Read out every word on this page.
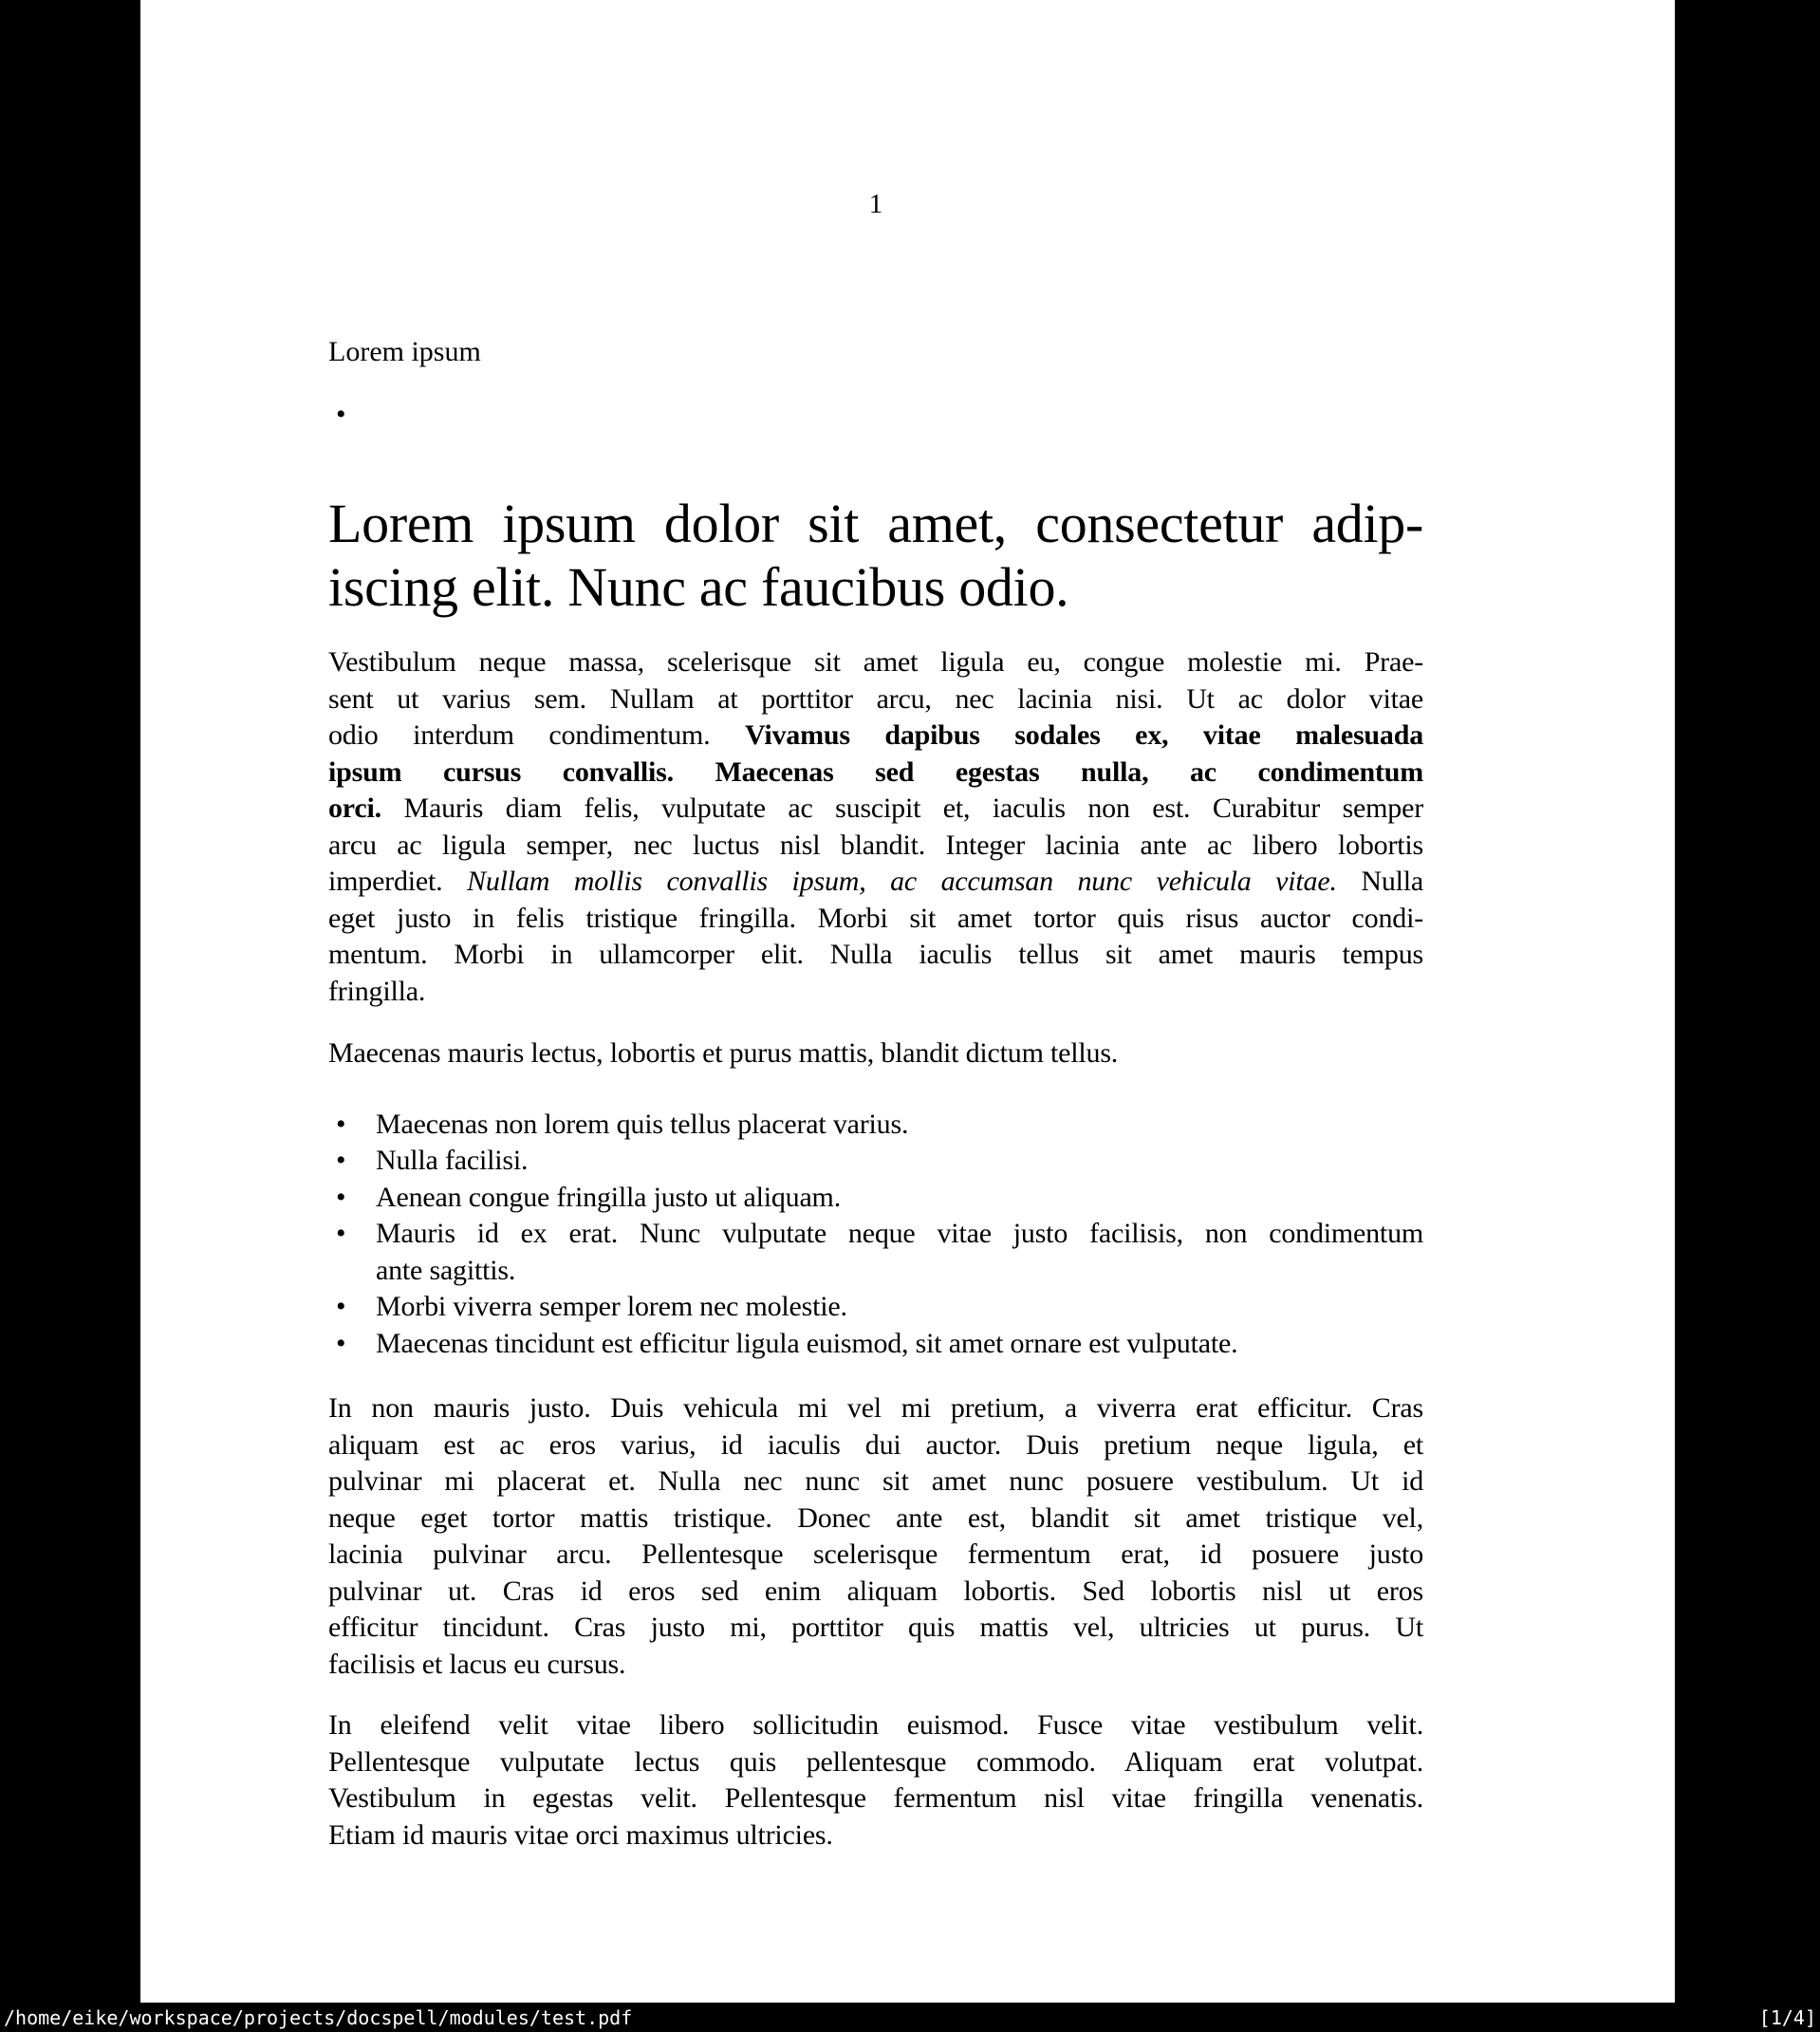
1
Lorem ipsum
•
Lorem ipsum dolor sit amet, consectetur adip-
iscing elit. Nunc ac faucibus odio.
Vestibulum neque massa, scelerisque sit amet ligula eu, congue molestie mi. Prae-
sent ut varius sem. Nullam at porttitor arcu, nec lacinia nisi. Ut ac dolor vitae
odio interdum condimentum. Vivamus dapibus sodales ex, vitae malesuada
ipsum cursus convallis. Maecenas sed egestas nulla, ac condimentum
orci. Mauris diam felis, vulputate ac suscipit et, iaculis non est. Curabitur semper
arcu ac ligula semper, nec luctus nisl blandit. Integer lacinia ante ac libero lobortis
imperdiet. Nullam mollis convallis ipsum, ac accumsan nunc vehicula vitae. Nulla
eget justo in felis tristique fringilla. Morbi sit amet tortor quis risus auctor condi-
mentum. Morbi in ullamcorper elit. Nulla iaculis tellus sit amet mauris tempus
fringilla.
Maecenas mauris lectus, lobortis et purus mattis, blandit dictum tellus.
• Maecenas non lorem quis tellus placerat varius.
• Nulla facilisi.
• Aenean congue fringilla justo ut aliquam.
• Mauris id ex erat. Nunc vulputate neque vitae justo facilisis, non condimentum
ante sagittis.
• Morbi viverra semper lorem nec molestie.
• Maecenas tincidunt est efficitur ligula euismod, sit amet ornare est vulputate.
In non mauris justo. Duis vehicula mi vel mi pretium, a viverra erat efficitur. Cras
aliquam est ac eros varius, id iaculis dui auctor. Duis pretium neque ligula, et
pulvinar mi placerat et. Nulla nec nunc sit amet nunc posuere vestibulum. Ut id
neque eget tortor mattis tristique. Donec ante est, blandit sit amet tristique vel,
lacinia pulvinar arcu. Pellentesque scelerisque fermentum erat, id posuere justo
pulvinar ut. Cras id eros sed enim aliquam lobortis. Sed lobortis nisl ut eros
efficitur tincidunt. Cras justo mi, porttitor quis mattis vel, ultricies ut purus. Ut
facilisis et lacus eu cursus.
In eleifend velit vitae libero sollicitudin euismod. Fusce vitae vestibulum velit.
Pellentesque vulputate lectus quis pellentesque commodo. Aliquam erat volutpat.
Vestibulum in egestas velit. Pellentesque fermentum nisl vitae fringilla venenatis.
Etiam id mauris vitae orci maximus ultricies.
/home/eike/workspace/projects/docspell/modules/test.pdf	[1/4]
